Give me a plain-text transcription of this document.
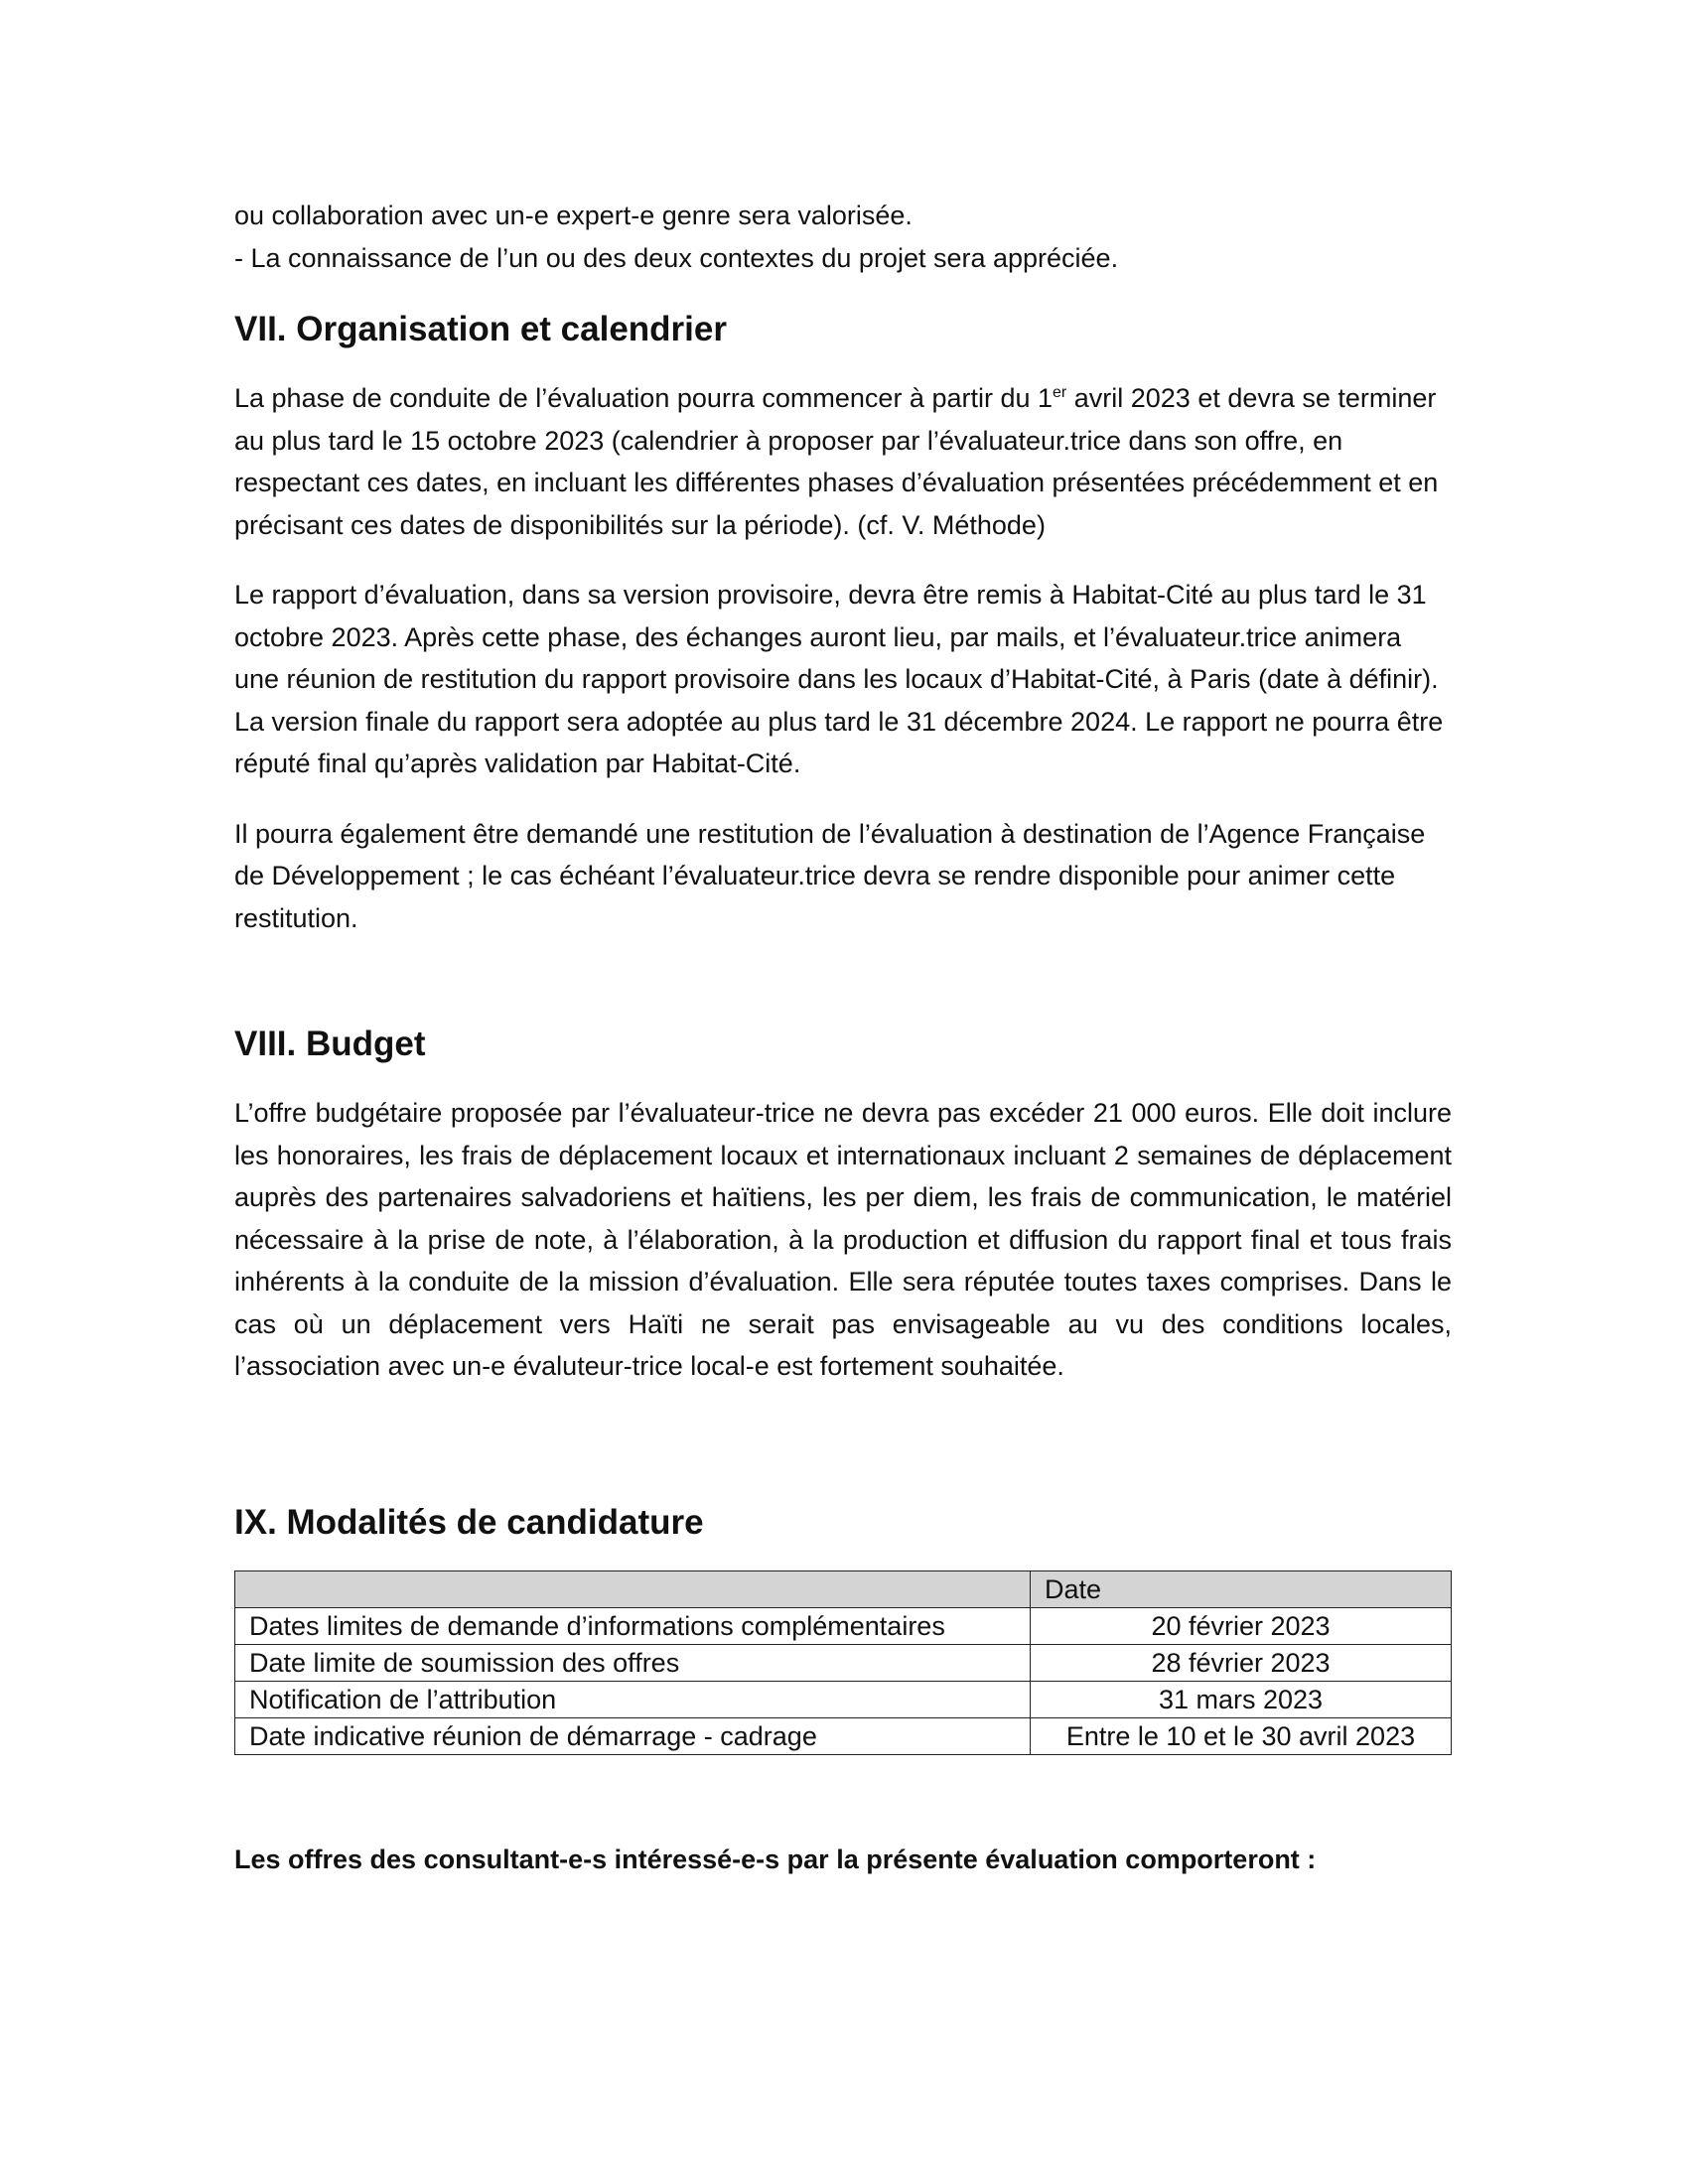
ou collaboration avec un-e expert-e genre sera valorisée.
- La connaissance de l’un ou des deux contextes du projet sera appréciée.
VII. Organisation et calendrier

La phase de conduite de l’évaluation pourra commencer à partir du 1er avril 2023 et devra se terminer au plus tard le 15 octobre 2023 (calendrier à proposer par l’évaluateur.trice dans son offre, en respectant ces dates, en incluant les différentes phases d’évaluation présentées précédemment et en précisant ces dates de disponibilités sur la période). (cf. V. Méthode)

Le rapport d’évaluation, dans sa version provisoire, devra être remis à Habitat-Cité au plus tard le 31 octobre 2023. Après cette phase, des échanges auront lieu, par mails, et l’évaluateur.trice animera une réunion de restitution du rapport provisoire dans les locaux d’Habitat-Cité, à Paris (date à définir). La version finale du rapport sera adoptée au plus tard le 31 décembre 2024. Le rapport ne pourra être réputé final qu’après validation par Habitat-Cité.

Il pourra également être demandé une restitution de l’évaluation à destination de l’Agence Française de Développement ; le cas échéant l’évaluateur.trice devra se rendre disponible pour animer cette restitution.

VIII. Budget

L’offre budgétaire proposée par l’évaluateur-trice ne devra pas excéder 21 000 euros. Elle doit inclure les honoraires, les frais de déplacement locaux et internationaux incluant 2 semaines de déplacement auprès des partenaires salvadoriens et haïtiens, les per diem, les frais de communication, le matériel nécessaire à la prise de note, à l’élaboration, à la production et diffusion du rapport final et tous frais inhérents à la conduite de la mission d’évaluation. Elle sera réputée toutes taxes comprises. Dans le cas où un déplacement vers Haïti ne serait pas envisageable au vu des conditions locales, l’association avec un-e évaluteur-trice local-e est fortement souhaitée.

IX. Modalités de candidature
	Date
Dates limites de demande d’informations complémentaires	20 février 2023
Date limite de soumission des offres	28 février 2023
Notification de l’attribution	31 mars 2023
Date indicative réunion de démarrage - cadrage	Entre le 10 et le 30 avril 2023
Les offres des consultant-e-s intéressé-e-s par la présente évaluation comporteront :
